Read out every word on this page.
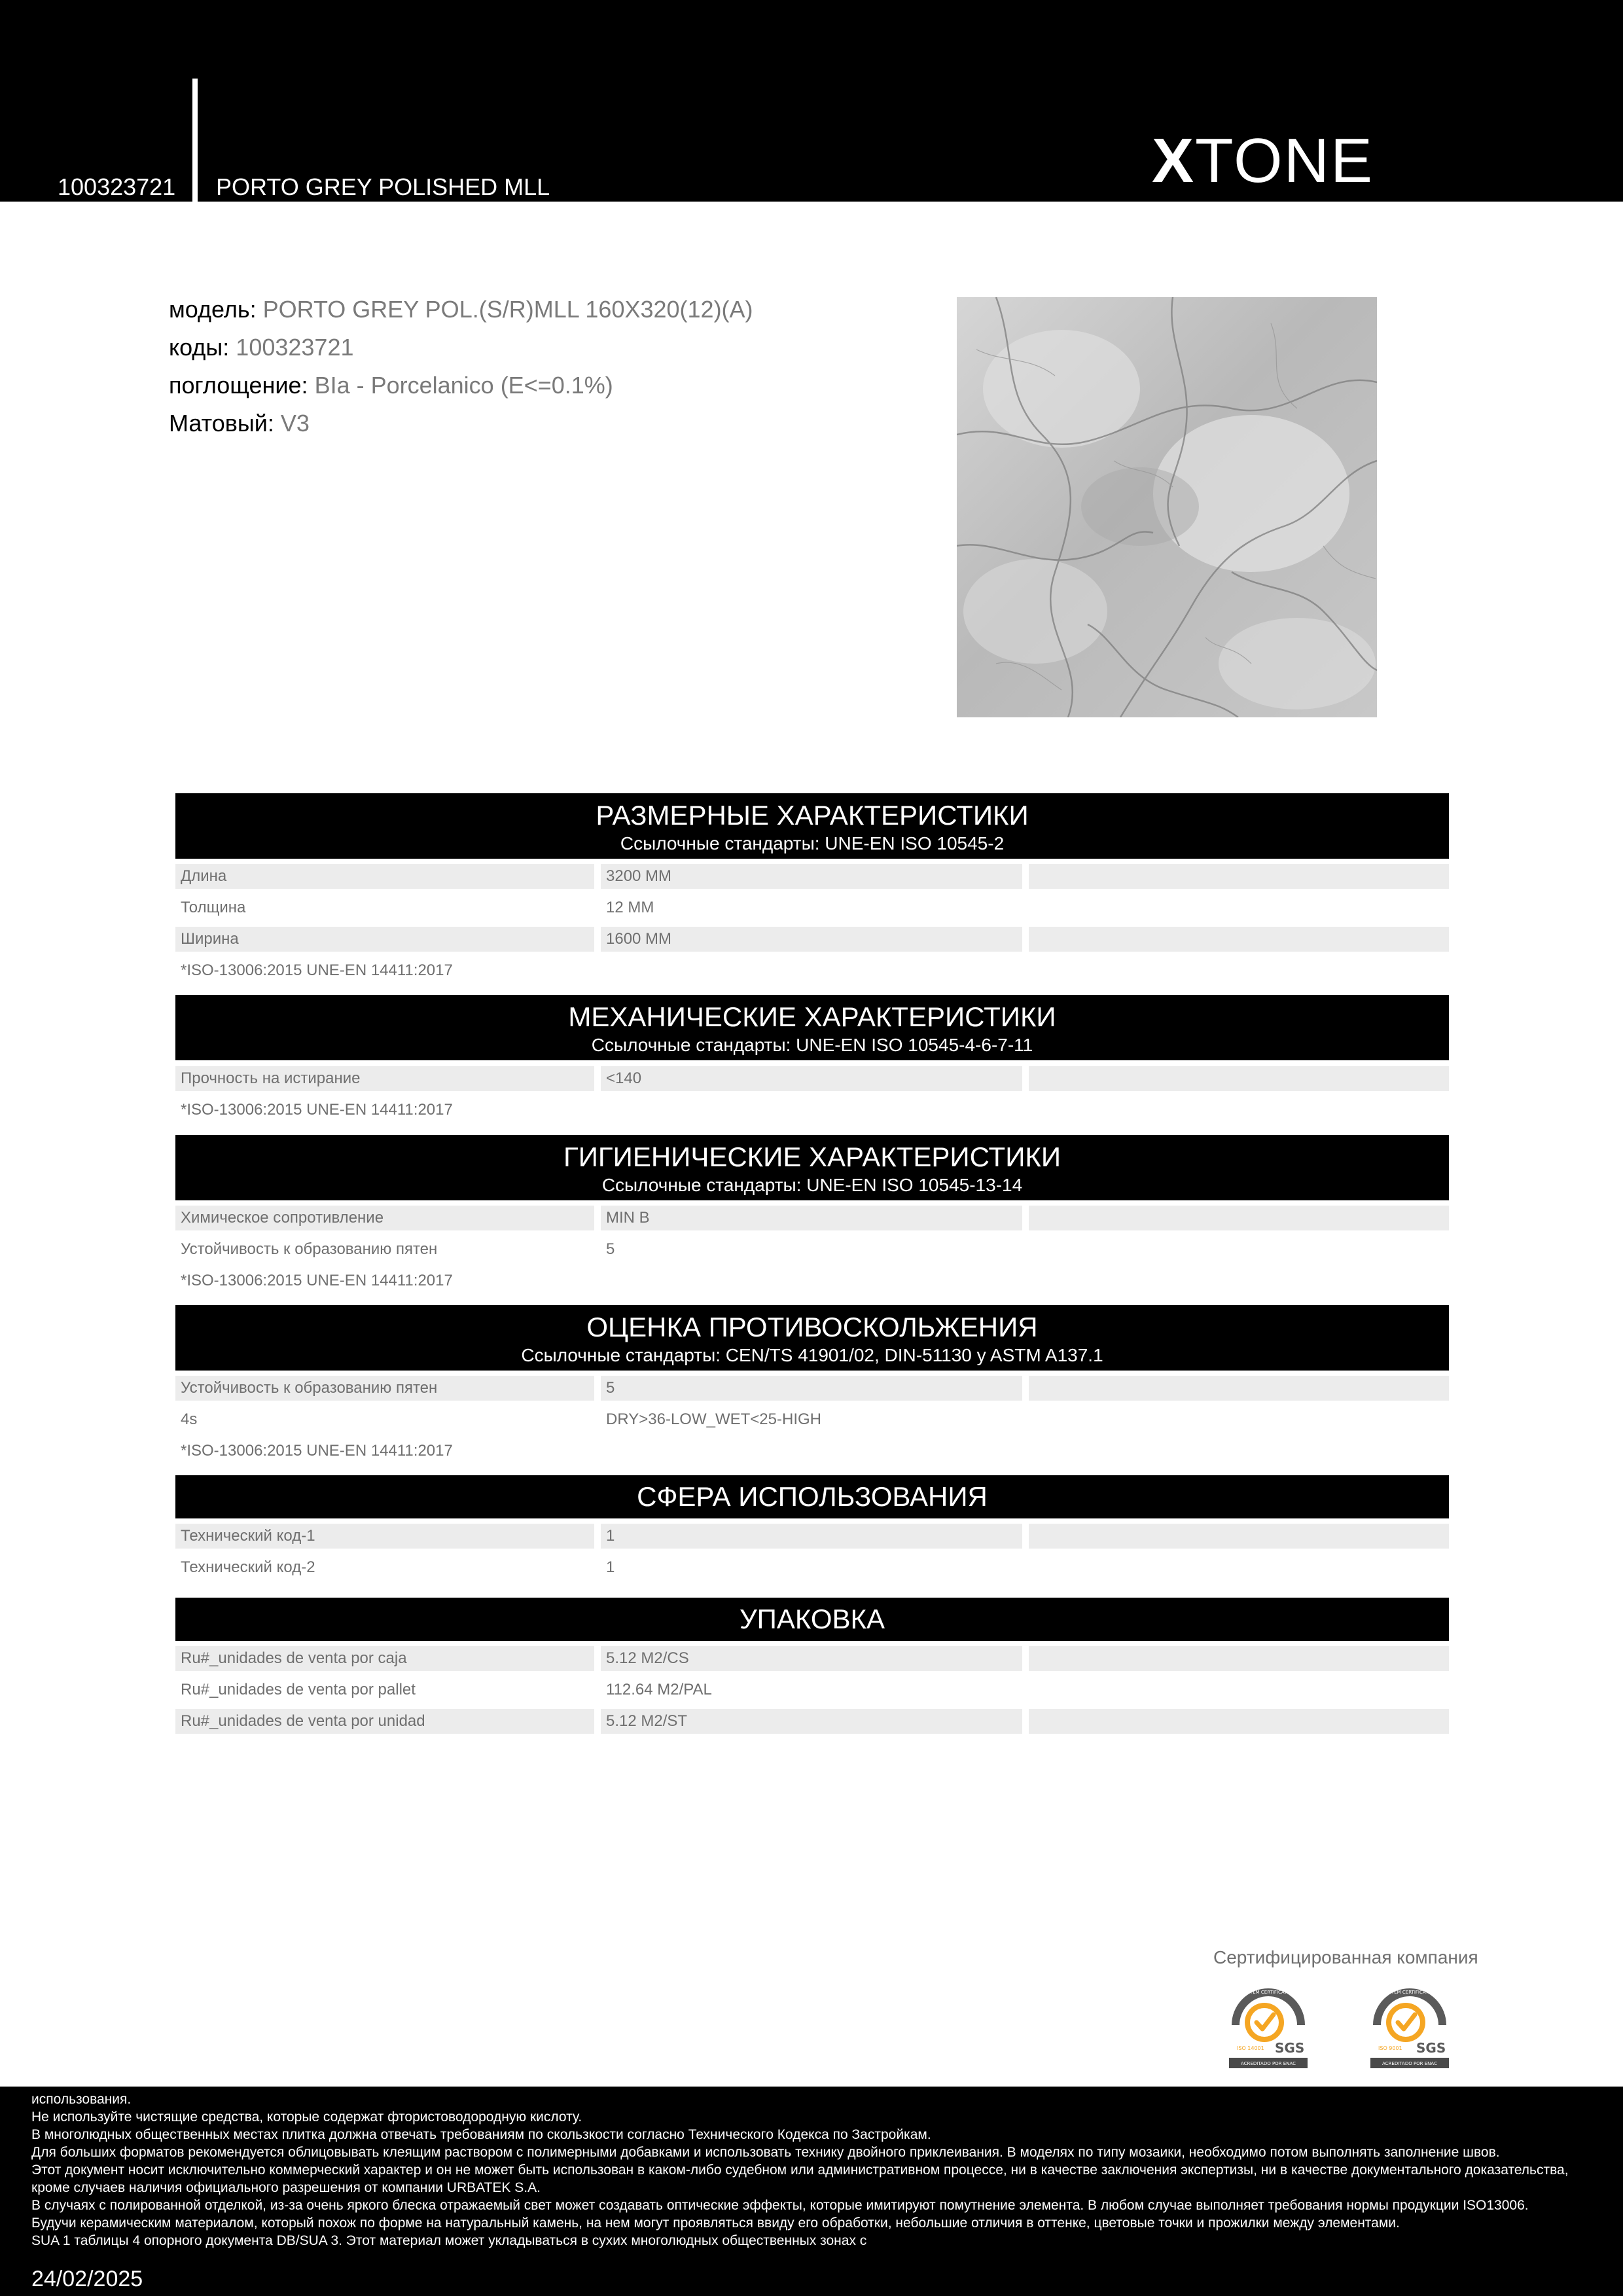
100323721 PORTO GREY POLISHED MLL	XTONE
модель: PORTO GREY POL.(S/R)MLL 160X320(12)(A)
коды: 100323721
поглощение: BIa - Porcelanico (E<=0.1%)
Матовый: V3
РАЗМЕРНЫЕ ХАРАКТЕРИСТИКИ
Ссылочные стандарты: UNE-EN ISO 10545-2
Длина	3200 MM
Толщина	12 MM
Ширина	1600 MM
*ISO-13006:2015 UNE-EN 14411:2017
МЕХАНИЧЕСКИЕ ХАРАКТЕРИСТИКИ
Ссылочные стандарты: UNE-EN ISO 10545-4-6-7-11
Прочность на истирание	<140
*ISO-13006:2015 UNE-EN 14411:2017
ГИГИЕНИЧЕСКИЕ ХАРАКТЕРИСТИКИ
Ссылочные стандарты: UNE-EN ISO 10545-13-14
Химическое сопротивление	MIN B
Устойчивость к образованию пятен	5
*ISO-13006:2015 UNE-EN 14411:2017
ОЦЕНКА ПРОТИВОСКОЛЬЖЕНИЯ
Ссылочные стандарты: CEN/TS 41901/02, DIN-51130 y ASTM A137.1
Устойчивость к образованию пятен	5
4s	DRY>36-LOW_WET<25-HIGH
*ISO-13006:2015 UNE-EN 14411:2017
СФЕРА ИСПОЛЬЗОВАНИЯ
Технический код-1	1
Технический код-2	1
УПАКОВКА
Ru#_unidades de venta por caja	5.12 M2/CS
Ru#_unidades de venta por pallet	112.64 M2/PAL
Ru#_unidades de venta por unidad	5.12 M2/ST
Сертифицированная компания
SYSTEM CERTIFICATION
ISO 14001 SGS
ACREDITADO POR ENAC
SYSTEM CERTIFICATION
ISO 9001 SGS
ACREDITADO POR ENAC

использования.

Не используйте чистящие средства, которые содержат фтористоводородную кислоту.

В многолюдных общественных местах плитка должна отвечать требованиям по скользкости согласно Техническогo Кодекса по Застройкам.

Для больших форматов рекомендуется облицовывать клеящим раствором с полимерными добавками и использовать технику двойного приклеивания. В моделях по типу мозаики, необходимо потом выполнять заполнение швов.

Этот документ носит исключительно коммерческий характер и он не может быть использован в каком-либо судебном или административном процессе, ни в качестве заключения экспертизы, ни в качестве документального доказательства, кроме случаев наличия официального разрешения от компании URBATEK S.A.

В случаях с полированной отделкой, из-за очень яркого блеска отражаемый свет может создавать оптические эффекты, которые имитируют помутнение элемента. В любом случае выполняет требования нормы продукции ISO13006.

Будучи керамическим материалом, который похож по форме на натуральный камень, на нем могут проявляться ввиду его обработки, небольшие отличия в оттенке, цветовые точки и прожилки между элементами.

SUA 1 таблицы 4 опорного документа DB/SUA 3. Этот материал может укладываться в сухих многолюдных общественных зонах с

24/02/2025
